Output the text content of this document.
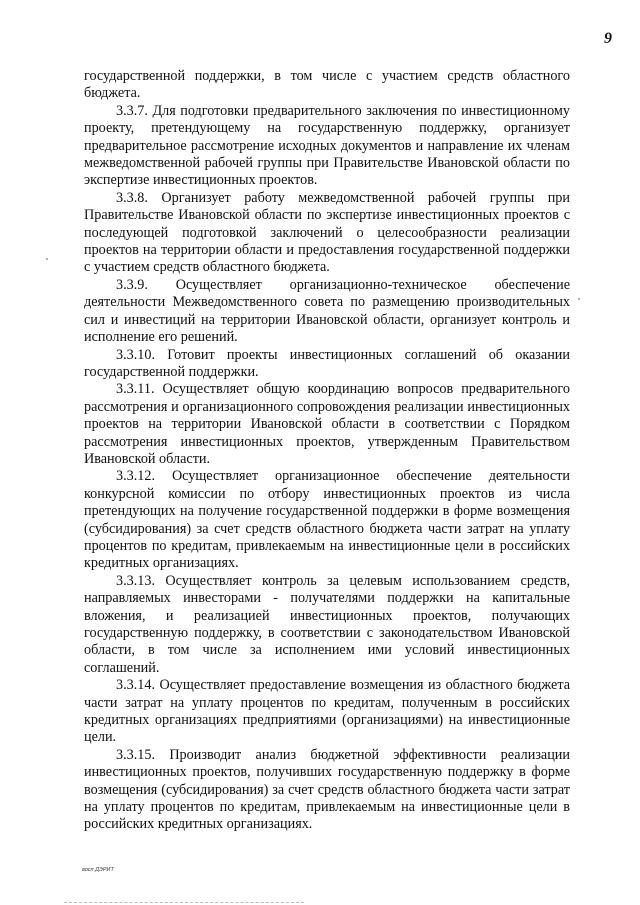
9

государственной поддержки, в том числе с участием средств областного бюджета.

3.3.7. Для подготовки предварительного заключения по инвестиционному проекту, претендующему на государственную поддержку, организует предварительное рассмотрение исходных документов и направление их членам межведомственной рабочей группы при Правительстве Ивановской области по экспертизе инвестиционных проектов.

3.3.8. Организует работу межведомственной рабочей группы при Правительстве Ивановской области по экспертизе инвестиционных проектов с последующей подготовкой заключений о целесообразности реализации проектов на территории области и предоставления государственной поддержки с участием средств областного бюджета.

3.3.9. Осуществляет организационно-техническое обеспечение деятельности Межведомственного совета по размещению производительных сил и инвестиций на территории Ивановской области, организует контроль и исполнение его решений.

3.3.10. Готовит проекты инвестиционных соглашений об оказании государственной поддержки.

3.3.11. Осуществляет общую координацию вопросов предварительного рассмотрения и организационного сопровождения реализации инвестиционных проектов на территории Ивановской области в соответствии с Порядком рассмотрения инвестиционных проектов, утвержденным Правительством Ивановской области.

3.3.12. Осуществляет организационное обеспечение деятельности конкурсной комиссии по отбору инвестиционных проектов из числа претендующих на получение государственной поддержки в форме возмещения (субсидирования) за счет средств областного бюджета части затрат на уплату процентов по кредитам, привлекаемым на инвестиционные цели в российских кредитных организациях.

3.3.13. Осуществляет контроль за целевым использованием средств, направляемых инвесторами - получателями поддержки на капитальные вложения, и реализацией инвестиционных проектов, получающих государственную поддержку, в соответствии с законодательством Ивановской области, в том числе за исполнением ими условий инвестиционных соглашений.

3.3.14. Осуществляет предоставление возмещения из областного бюджета части затрат на уплату процентов по кредитам, полученным в российских кредитных организациях предприятиями (организациями) на инвестиционные цели.

3.3.15. Производит анализ бюджетной эффективности реализации инвестиционных проектов, получивших государственную поддержку в форме возмещения (субсидирования) за счет средств областного бюджета части затрат на уплату процентов по кредитам, привлекаемым на инвестиционные цели в российских кредитных организациях.

восп ДЭРИТ
